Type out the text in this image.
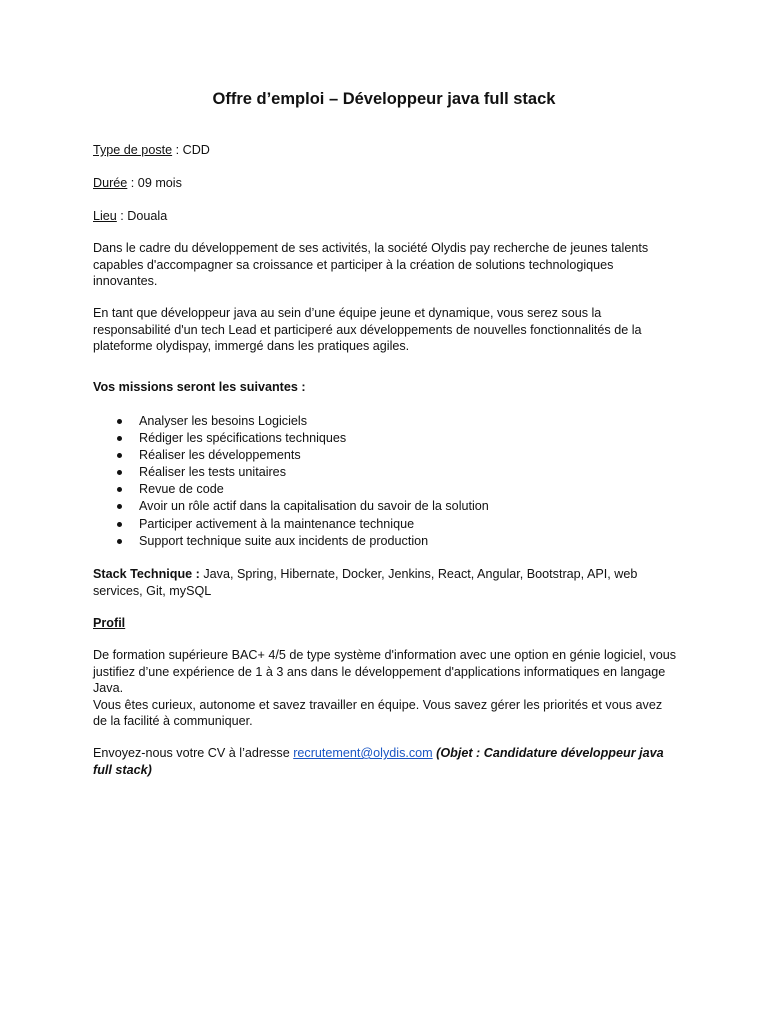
Offre d’emploi – Développeur java full stack
Type de poste : CDD
Durée : 09 mois
Lieu : Douala
Dans le cadre du développement de ses activités, la société Olydis pay recherche de jeunes talents capables d'accompagner sa croissance et participer à la création de solutions technologiques innovantes.
En tant que développeur java au sein d’une équipe jeune et dynamique, vous serez sous la responsabilité d'un tech Lead et participeré aux développements de nouvelles fonctionnalités de la plateforme olydispay, immergé dans les pratiques agiles.
Vos missions seront les suivantes :
Analyser les besoins Logiciels
Rédiger les spécifications techniques
Réaliser les développements
Réaliser les tests unitaires
Revue de code
Avoir un rôle actif dans la capitalisation du savoir de la solution
Participer activement à la maintenance technique
Support technique suite aux incidents de production
Stack Technique : Java, Spring, Hibernate, Docker, Jenkins, React, Angular, Bootstrap, API, web services, Git, mySQL
Profil
De formation supérieure BAC+ 4/5 de type système d'information avec une option en génie logiciel, vous justifiez d’une expérience de 1 à 3 ans dans le développement d'applications informatiques en langage Java.
Vous êtes curieux, autonome et savez travailler en équipe. Vous savez gérer les priorités et vous avez de la facilité à communiquer.
Envoyez-nous votre CV à l’adresse recrutement@olydis.com (Objet : Candidature développeur java full stack)
